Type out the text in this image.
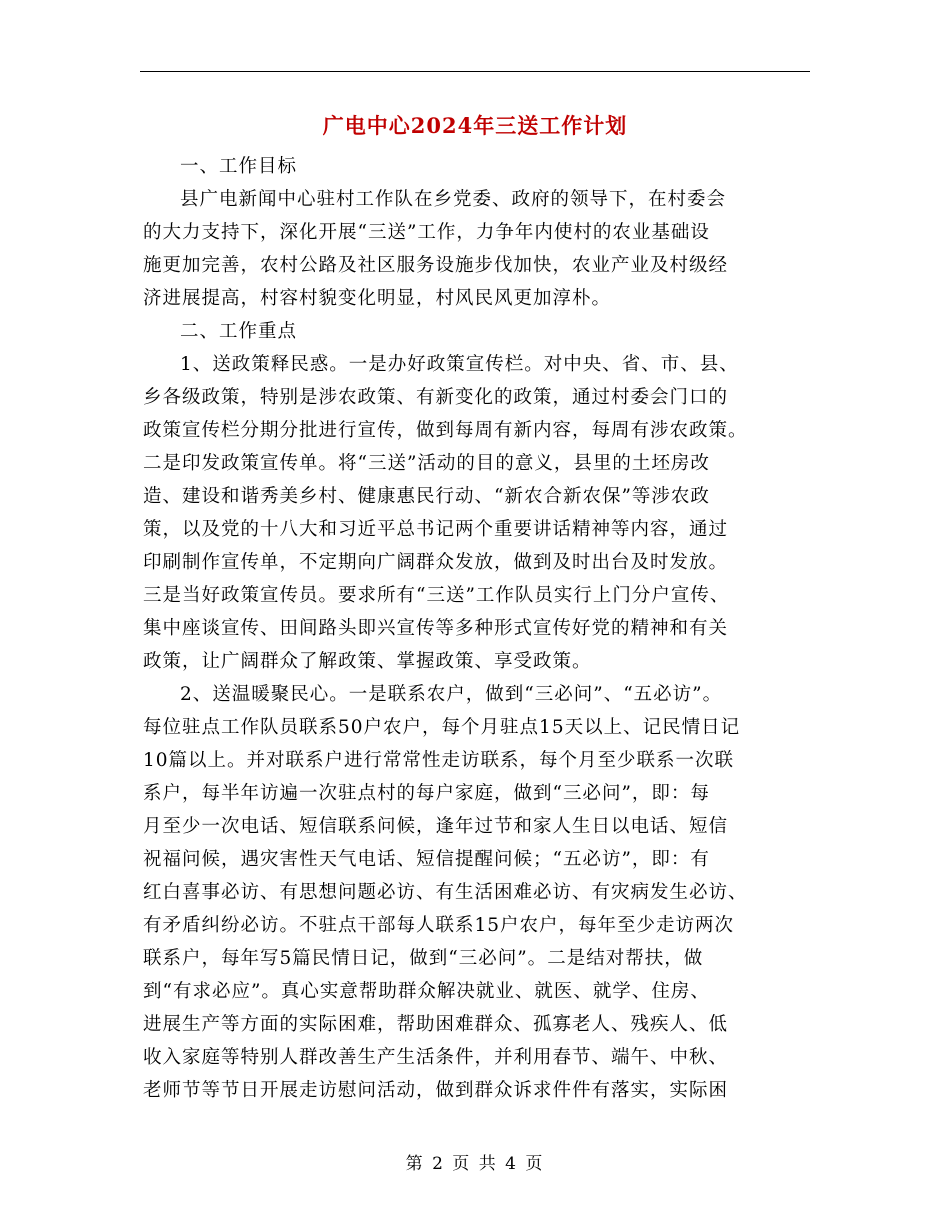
广电中心2024年三送工作计划
一、工作目标
县广电新闻中心驻村工作队在乡党委、政府的领导下，在村委会
的大力支持下，深化开展“三送”工作，力争年内使村的农业基础设
施更加完善，农村公路及社区服务设施步伐加快，农业产业及村级经
济进展提高，村容村貌变化明显，村风民风更加淳朴。
二、工作重点
1、送政策释民惑。一是办好政策宣传栏。对中央、省、市、县、
乡各级政策，特别是涉农政策、有新变化的政策，通过村委会门口的
政策宣传栏分期分批进行宣传，做到每周有新内容，每周有涉农政策。
二是印发政策宣传单。将“三送”活动的目的意义，县里的土坯房改
造、建设和谐秀美乡村、健康惠民行动、“新农合新农保”等涉农政
策，以及党的十八大和习近平总书记两个重要讲话精神等内容，通过
印刷制作宣传单，不定期向广阔群众发放，做到及时出台及时发放。
三是当好政策宣传员。要求所有“三送”工作队员实行上门分户宣传、
集中座谈宣传、田间路头即兴宣传等多种形式宣传好党的精神和有关
政策，让广阔群众了解政策、掌握政策、享受政策。
2、送温暖聚民心。一是联系农户，做到“三必问”、“五必访”。
每位驻点工作队员联系50户农户，每个月驻点15天以上、记民情日记
10篇以上。并对联系户进行常常性走访联系，每个月至少联系一次联
系户，每半年访遍一次驻点村的每户家庭，做到“三必问”，即：每
月至少一次电话、短信联系问候，逢年过节和家人生日以电话、短信
祝福问候，遇灾害性天气电话、短信提醒问候；“五必访”，即：有
红白喜事必访、有思想问题必访、有生活困难必访、有灾病发生必访、
有矛盾纠纷必访。不驻点干部每人联系15户农户，每年至少走访两次
联系户，每年写5篇民情日记，做到“三必问”。二是结对帮扶，做
到“有求必应”。真心实意帮助群众解决就业、就医、就学、住房、
进展生产等方面的实际困难，帮助困难群众、孤寡老人、残疾人、低
收入家庭等特别人群改善生产生活条件，并利用春节、端午、中秋、
老师节等节日开展走访慰问活动，做到群众诉求件件有落实，实际困
第 2 页 共 4 页
